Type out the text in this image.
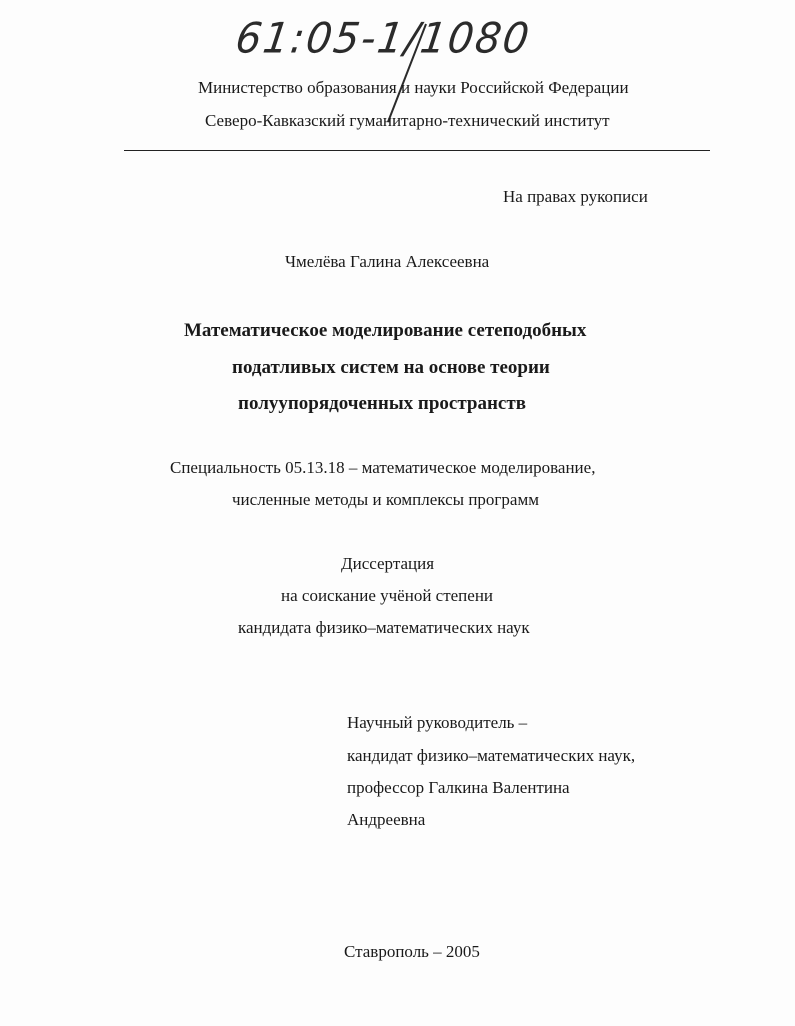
61:05-1/1080
Министерство образования и науки Российской Федерации
Северо-Кавказский гуманитарно-технический институт
На правах рукописи
Чмелёва Галина Алексеевна
Математическое моделирование сетеподобных
податливых систем на основе теории
полуупорядоченных пространств
Специальность 05.13.18 – математическое моделирование,
численные методы и комплексы программ
Диссертация
на соискание учёной степени
кандидата физико–математических наук
Научный руководитель –
кандидат физико–математических наук,
профессор Галкина Валентина
Андреевна
Ставрополь – 2005
